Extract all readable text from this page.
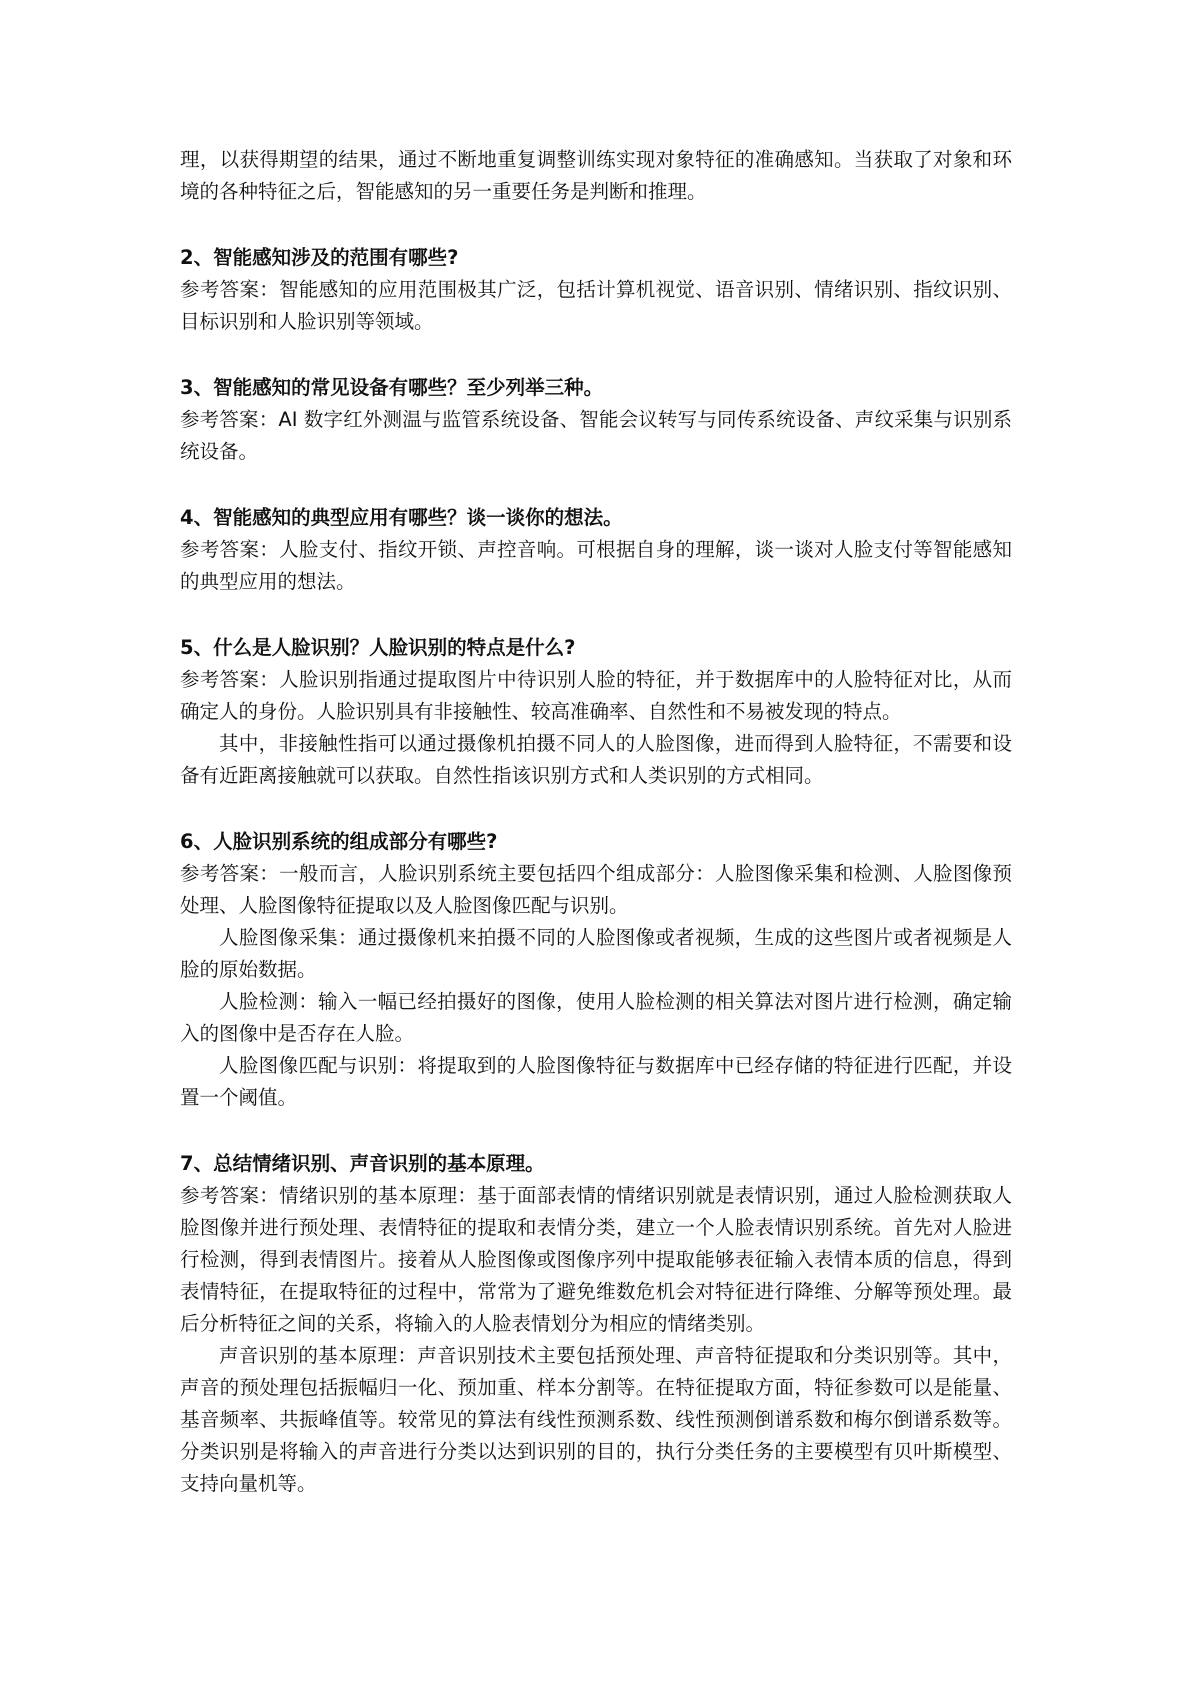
理，以获得期望的结果，通过不断地重复调整训练实现对象特征的准确感知。当获取了对象和环境的各种特征之后，智能感知的另一重要任务是判断和推理。

2、智能感知涉及的范围有哪些?

参考答案：智能感知的应用范围极其广泛，包括计算机视觉、语音识别、情绪识别、指纹识别、目标识别和人脸识别等领域。

3、智能感知的常见设备有哪些？至少列举三种。

参考答案：AI 数字红外测温与监管系统设备、智能会议转写与同传系统设备、声纹采集与识别系统设备。

4、智能感知的典型应用有哪些？谈一谈你的想法。

参考答案：人脸支付、指纹开锁、声控音响。可根据自身的理解，谈一谈对人脸支付等智能感知的典型应用的想法。

5、什么是人脸识别？人脸识别的特点是什么?

参考答案：人脸识别指通过提取图片中待识别人脸的特征，并于数据库中的人脸特征对比，从而确定人的身份。人脸识别具有非接触性、较高准确率、自然性和不易被发现的特点。

其中，非接触性指可以通过摄像机拍摄不同人的人脸图像，进而得到人脸特征，不需要和设备有近距离接触就可以获取。自然性指该识别方式和人类识别的方式相同。

6、人脸识别系统的组成部分有哪些?

参考答案：一般而言，人脸识别系统主要包括四个组成部分：人脸图像采集和检测、人脸图像预处理、人脸图像特征提取以及人脸图像匹配与识别。

人脸图像采集：通过摄像机来拍摄不同的人脸图像或者视频，生成的这些图片或者视频是人脸的原始数据。

人脸检测：输入一幅已经拍摄好的图像，使用人脸检测的相关算法对图片进行检测，确定输入的图像中是否存在人脸。

人脸图像匹配与识别：将提取到的人脸图像特征与数据库中已经存储的特征进行匹配，并设置一个阈值。

7、总结情绪识别、声音识别的基本原理。

参考答案：情绪识别的基本原理：基于面部表情的情绪识别就是表情识别，通过人脸检测获取人脸图像并进行预处理、表情特征的提取和表情分类，建立一个人脸表情识别系统。首先对人脸进行检测，得到表情图片。接着从人脸图像或图像序列中提取能够表征输入表情本质的信息，得到表情特征，在提取特征的过程中，常常为了避免维数危机会对特征进行降维、分解等预处理。最后分析特征之间的关系，将输入的人脸表情划分为相应的情绪类别。

声音识别的基本原理：声音识别技术主要包括预处理、声音特征提取和分类识别等。其中，声音的预处理包括振幅归一化、预加重、样本分割等。在特征提取方面，特征参数可以是能量、基音频率、共振峰值等。较常见的算法有线性预测系数、线性预测倒谱系数和梅尔倒谱系数等。分类识别是将输入的声音进行分类以达到识别的目的，执行分类任务的主要模型有贝叶斯模型、支持向量机等。
